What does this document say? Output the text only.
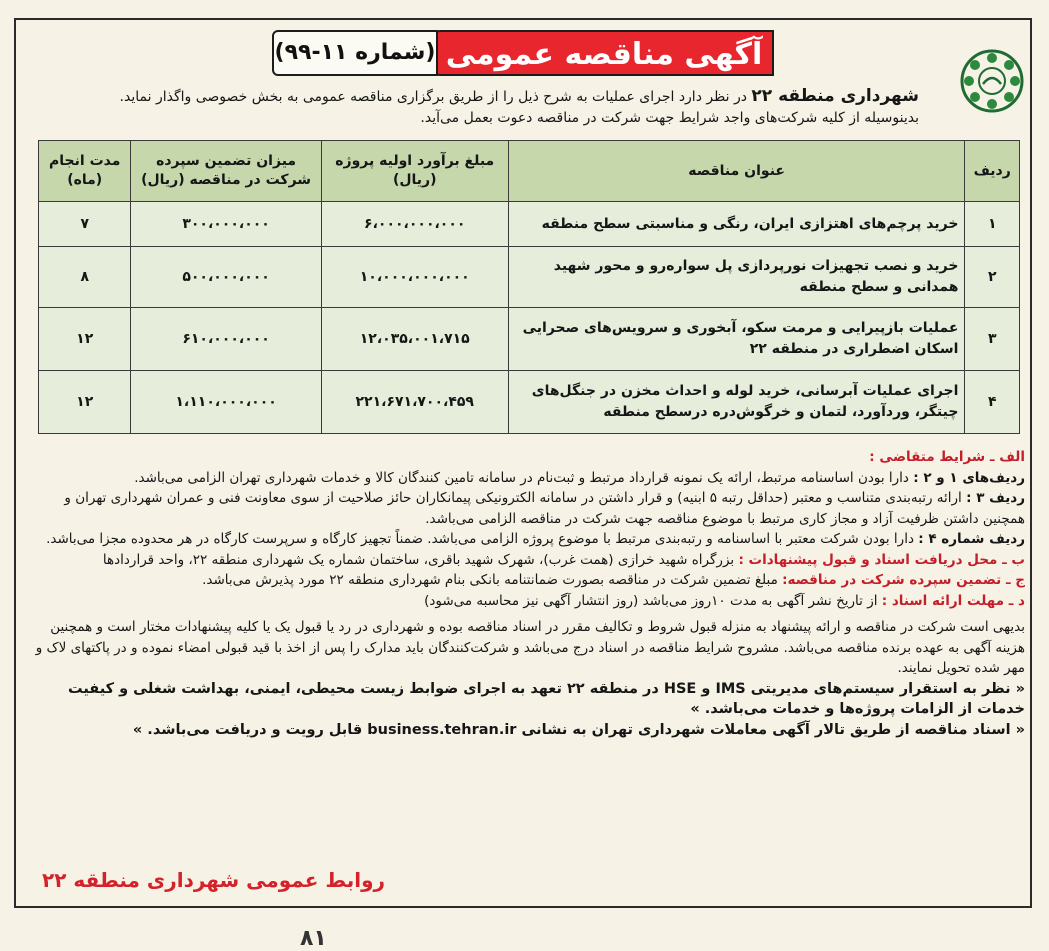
آگهی مناقصه عمومی
(شماره ۱۱-۹۹)
شهرداری منطقه ۲۲ در نظر دارد اجرای عملیات به شرح ذیل را از طریق برگزاری مناقصه عمومی به بخش خصوصی واگذار نماید.
بدینوسیله از کلیه شرکت‌های واجد شرایط جهت شرکت در مناقصه دعوت بعمل می‌آید.
ردیف	عنوان مناقصه	مبلغ برآورد اولیه پروژه (ریال)	میزان تضمین سپرده شرکت در مناقصه (ریال)	مدت انجام (ماه)
۱	خرید پرچم‌های اهتزازی ایران، رنگی و مناسبتی سطح منطقه	۶،۰۰۰،۰۰۰،۰۰۰	۳۰۰،۰۰۰،۰۰۰	۷
۲	خرید و نصب تجهیزات نورپردازی پل سواره‌رو و محور شهید همدانی و سطح منطقه	۱۰،۰۰۰،۰۰۰،۰۰۰	۵۰۰،۰۰۰،۰۰۰	۸
۳	عملیات بازپیرایی و مرمت سکو، آبخوری و سرویس‌های صحرایی اسکان اضطراری در منطقه ۲۲	۱۲،۰۳۵،۰۰۱،۷۱۵	۶۱۰،۰۰۰،۰۰۰	۱۲
۴	اجرای عملیات آبرسانی، خرید لوله و احداث مخزن در جنگل‌های چیتگر، وردآورد، لتمان و خرگوش‌دره درسطح منطقه	۲۲۱،۶۷۱،۷۰۰،۴۵۹	۱،۱۱۰،۰۰۰،۰۰۰	۱۲

الف ـ شرایط متقاضی :

ردیف‌های ۱ و ۲ : دارا بودن اساسنامه مرتبط، ارائه یک نمونه قرارداد مرتبط و ثبت‌نام در سامانه تامین کنندگان کالا و خدمات شهرداری تهران الزامی می‌باشد.

ردیف ۳ : ارائه رتبه‌بندی متناسب و معتبر (حداقل رتبه ۵ ابنیه) و قرار داشتن در سامانه الکترونیکی پیمانکاران حائز صلاحیت از سوی معاونت فنی و عمران شهرداری تهران و همچنین داشتن ظرفیت آزاد و مجاز کاری مرتبط با موضوع مناقصه جهت شرکت در مناقصه الزامی می‌باشد.

ردیف شماره ۴ : دارا بودن شرکت معتبر با اساسنامه و رتبه‌بندی مرتبط با موضوع پروژه الزامی می‌باشد. ضمناً تجهیز کارگاه و سرپرست کارگاه در هر محدوده مجزا می‌باشد.

ب ـ محل دریافت اسناد و قبول پیشنهادات : بزرگراه شهید خرازی (همت غرب)، شهرک شهید باقری، ساختمان شماره یک شهرداری منطقه ۲۲، واحد قراردادها

ج ـ تضمین سپرده شرکت در مناقصه: مبلغ تضمین شرکت در مناقصه بصورت ضمانتنامه بانکی بنام شهرداری منطقه ۲۲ مورد پذیرش می‌باشد.

د ـ مهلت ارائه اسناد : از تاریخ نشر آگهی به مدت ۱۰روز می‌باشد (روز انتشار آگهی نیز محاسبه می‌شود)

بدیهی است شرکت در مناقصه و ارائه پیشنهاد به منزله قبول شروط و تکالیف مقرر در اسناد مناقصه بوده و شهرداری در رد یا قبول یک یا کلیه پیشنهادات مختار است و همچنین هزینه آگهی به عهده برنده مناقصه می‌باشد. مشروح شرایط مناقصه در اسناد درج می‌باشد و شرکت‌کنندگان باید مدارک را پس از اخذ با قید قبولی امضاء نموده و در پاکتهای لاک و مهر شده تحویل نمایند.

« نظر به استقرار سیستم‌های مدیریتی IMS و HSE در منطقه ۲۲ تعهد به اجرای ضوابط زیست محیطی، ایمنی، بهداشت شغلی و کیفیت خدمات از الزامات پروژه‌ها و خدمات می‌باشد. »

« اسناد مناقصه از طریق تالار آگهی معاملات شهرداری تهران به نشانی business.tehran.ir قابل رویت و دریافت می‌باشد. »

روابط عمومی شهرداری منطقه ۲۲
۸۱
